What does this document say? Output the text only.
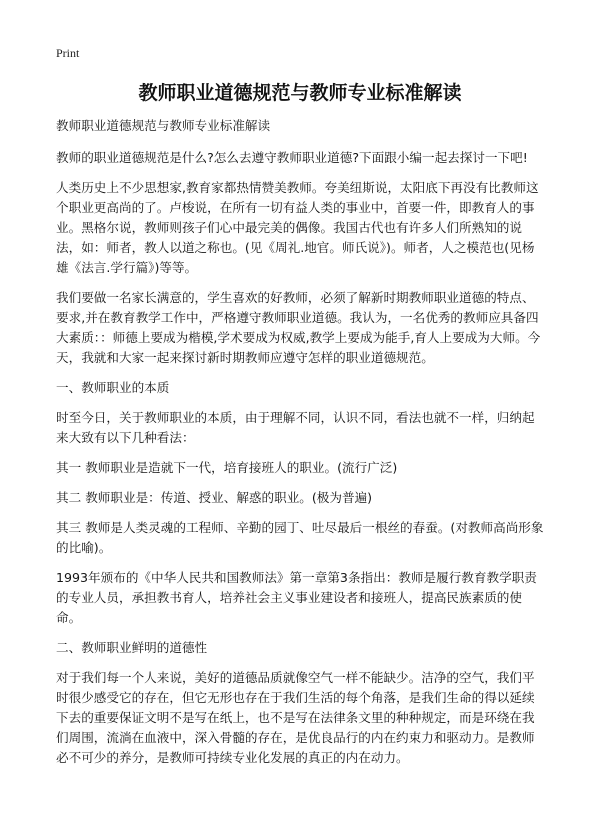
Print
教师职业道德规范与教师专业标准解读

教师职业道德规范与教师专业标准解读

教师的职业道德规范是什么?怎么去遵守教师职业道德?下面跟小编一起去探讨一下吧!

人类历史上不少思想家,教育家都热情赞美教师。夸美纽斯说，太阳底下再没有比教师这个职业更高尚的了。卢梭说，在所有一切有益人类的事业中，首要一件，即教育人的事业。黑格尔说，教师则孩子们心中最完美的偶像。我国古代也有许多人们所熟知的说法，如：师者，教人以道之称也。(见《周礼.地官。师氏说》)。师者，人之模范也(见杨雄《法言.学行篇》)等等。

我们要做一名家长满意的，学生喜欢的好教师，必须了解新时期教师职业道德的特点、要求,并在教育教学工作中，严格遵守教师职业道德。我认为，一名优秀的教师应具备四大素质：：师德上要成为楷模,学术要成为权威,教学上要成为能手,育人上要成为大师。今天，我就和大家一起来探讨新时期教师应遵守怎样的职业道德规范。

一、教师职业的本质

时至今日，关于教师职业的本质，由于理解不同，认识不同，看法也就不一样，归纳起来大致有以下几种看法：

其一 教师职业是造就下一代，培育接班人的职业。(流行广泛)

其二 教师职业是：传道、授业、解惑的职业。(极为普遍)

其三 教师是人类灵魂的工程师、辛勤的园丁、吐尽最后一根丝的春蚕。(对教师高尚形象的比喻)。

1993年颁布的《中华人民共和国教师法》第一章第3条指出：教师是履行教育教学职责的专业人员，承担教书育人，培养社会主义事业建设者和接班人，提高民族素质的使命。

二、教师职业鲜明的道德性

对于我们每一个人来说，美好的道德品质就像空气一样不能缺少。洁净的空气，我们平时很少感受它的存在，但它无形也存在于我们生活的每个角落，是我们生命的得以延续下去的重要保证文明不是写在纸上，也不是写在法律条文里的种种规定，而是环绕在我们周围，流淌在血液中，深入骨髓的存在，是优良品行的内在约束力和驱动力。是教师必不可少的养分，是教师可持续专业化发展的真正的内在动力。
